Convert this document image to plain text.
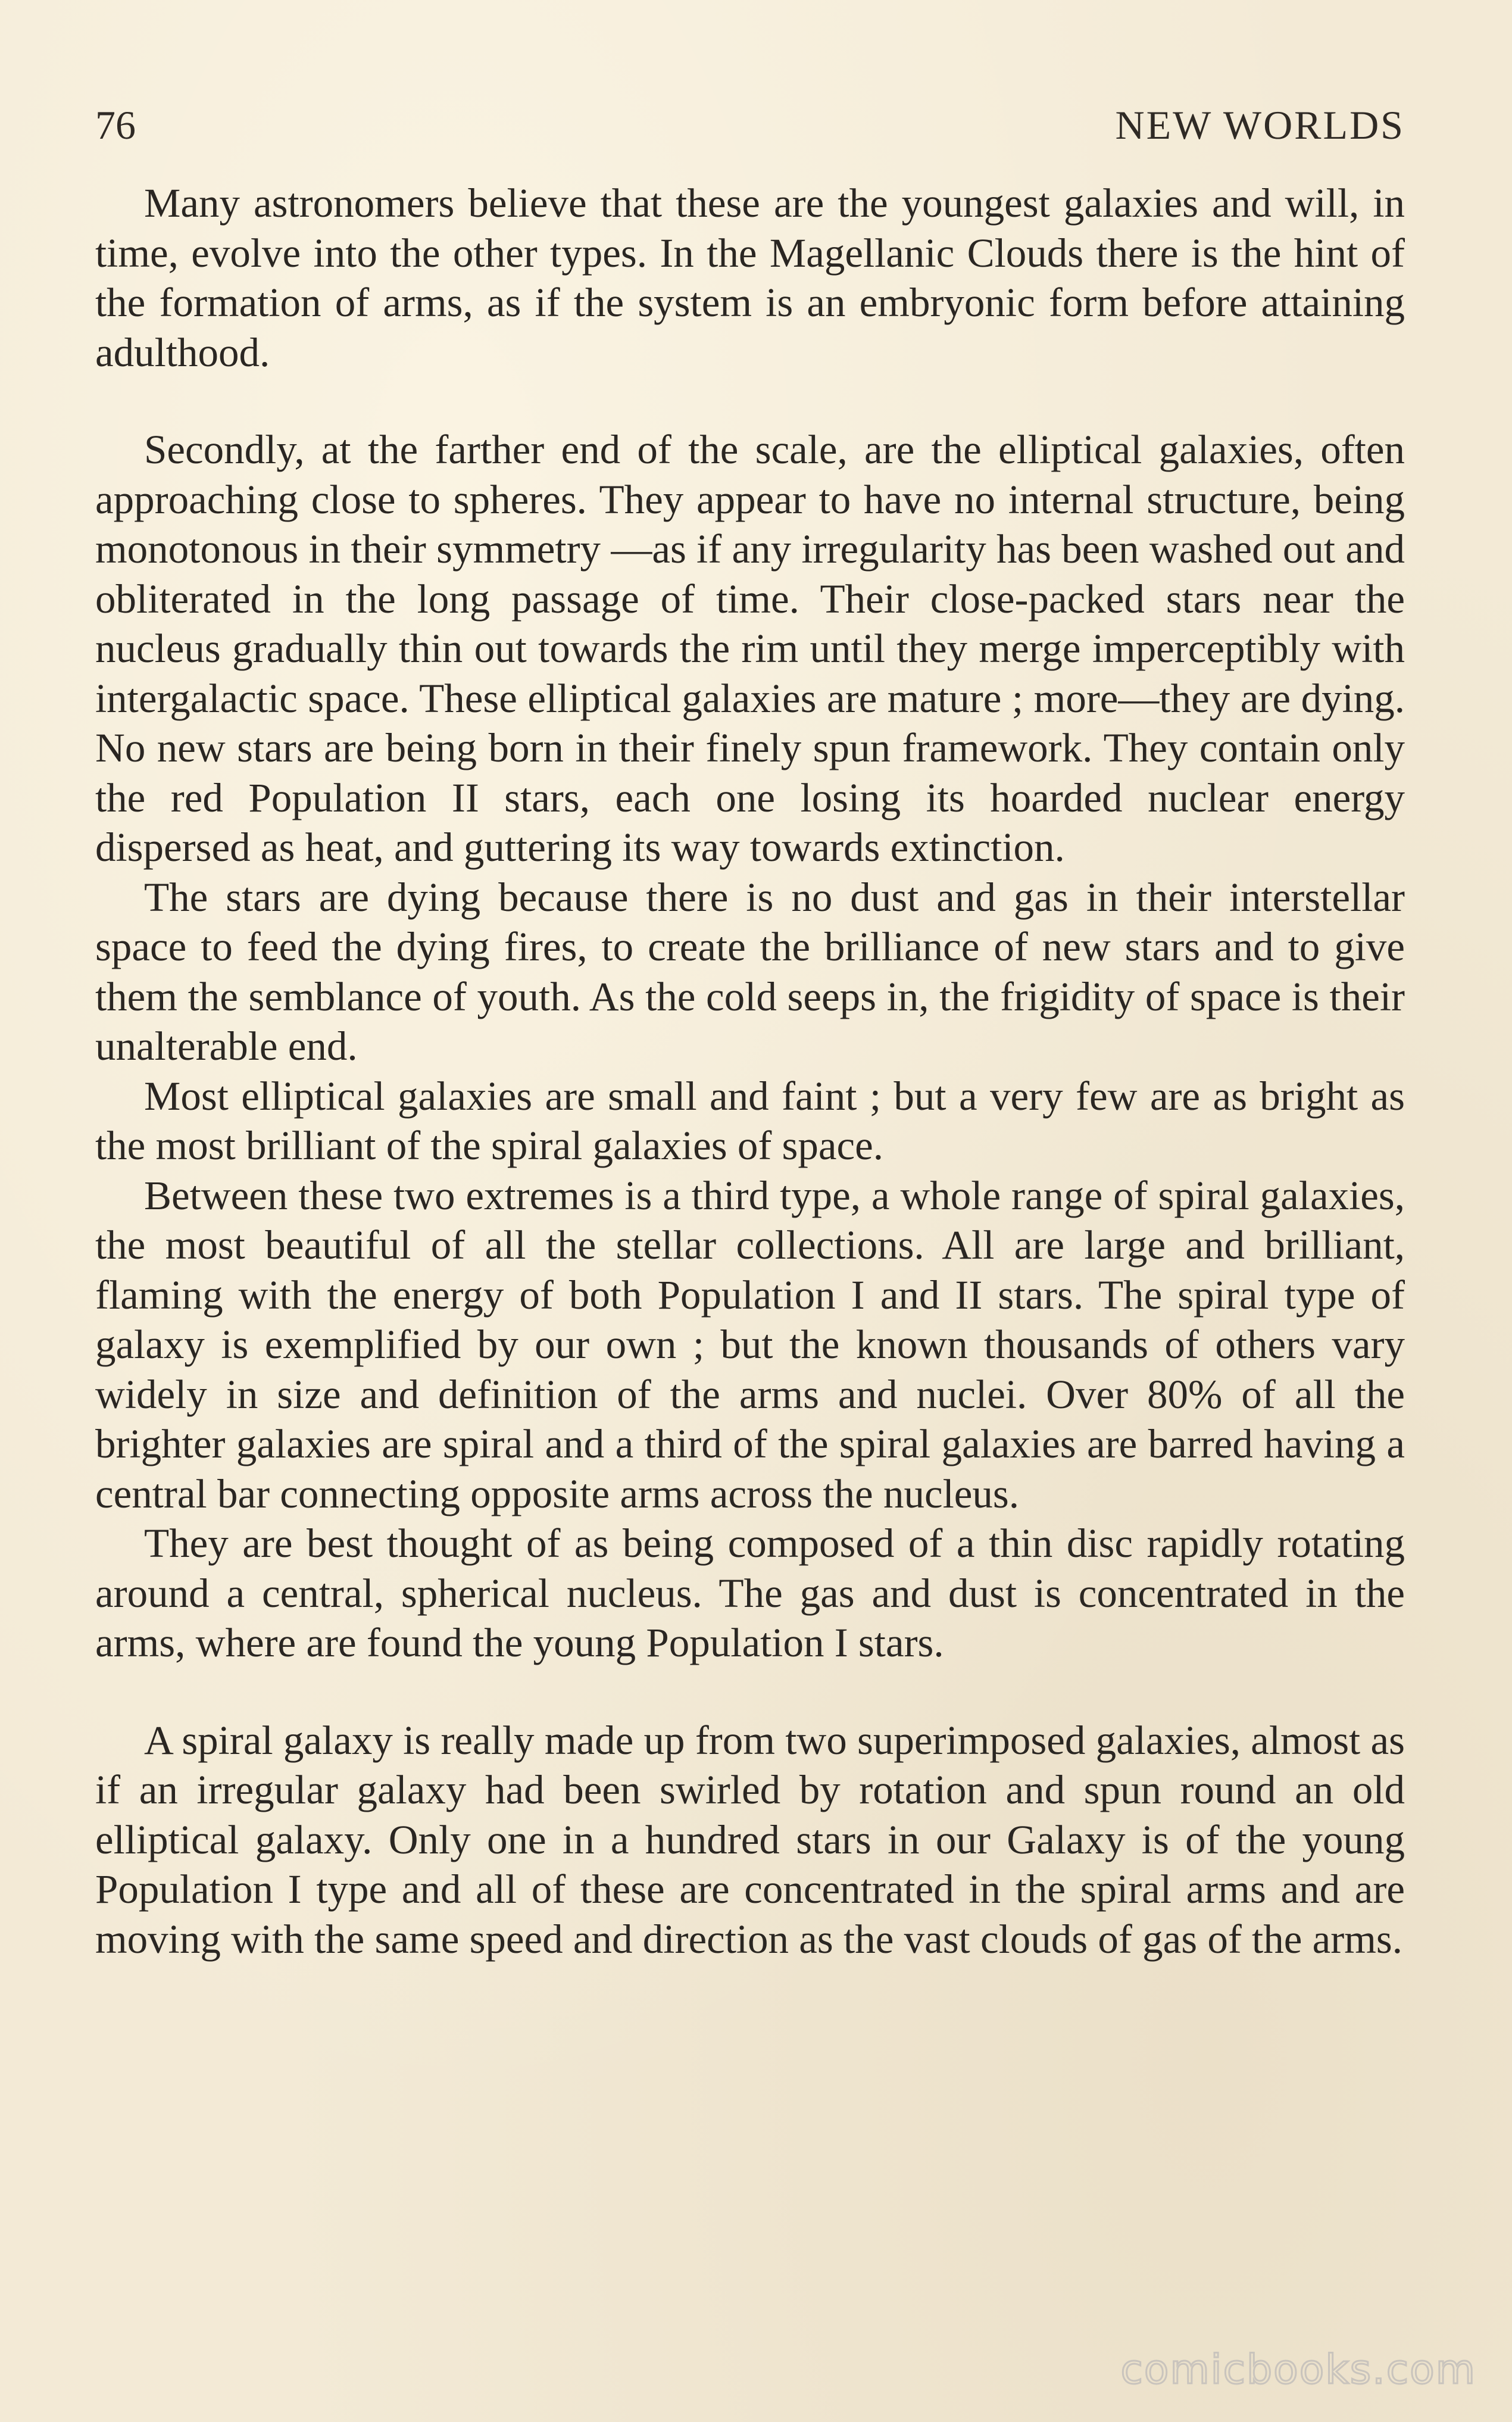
76	NEW WORLDS

Many astronomers believe that these are the youngest galaxies and will, in time, evolve into the other types. In the Magellanic Clouds there is the hint of the formation of arms, as if the system is an embryonic form before attaining adulthood.

Secondly, at the farther end of the scale, are the elliptical galaxies, often approaching close to spheres. They appear to have no internal structure, being monotonous in their symmetry —as if any irregularity has been washed out and obliterated in the long passage of time. Their close-packed stars near the nucleus gradually thin out towards the rim until they merge imperceptibly with intergalactic space. These elliptical galaxies are mature ; more—they are dying. No new stars are being born in their finely spun framework. They contain only the red Population II stars, each one losing its hoarded nuclear energy dispersed as heat, and guttering its way towards extinction.

The stars are dying because there is no dust and gas in their interstellar space to feed the dying fires, to create the brilliance of new stars and to give them the semblance of youth. As the cold seeps in, the frigidity of space is their unalterable end.

Most elliptical galaxies are small and faint ; but a very few are as bright as the most brilliant of the spiral galaxies of space.

Between these two extremes is a third type, a whole range of spiral galaxies, the most beautiful of all the stellar collections. All are large and brilliant, flaming with the energy of both Population I and II stars. The spiral type of galaxy is exemplified by our own ; but the known thousands of others vary widely in size and definition of the arms and nuclei. Over 80% of all the brighter galaxies are spiral and a third of the spiral galaxies are barred having a central bar connecting opposite arms across the nucleus.

They are best thought of as being composed of a thin disc rapidly rotating around a central, spherical nucleus. The gas and dust is concentrated in the arms, where are found the young Population I stars.

A spiral galaxy is really made up from two superimposed galaxies, almost as if an irregular galaxy had been swirled by rotation and spun round an old elliptical galaxy. Only one in a hundred stars in our Galaxy is of the young Population I type and all of these are concentrated in the spiral arms and are moving with the same speed and direction as the vast clouds of gas of the arms.

comicbooks.com
